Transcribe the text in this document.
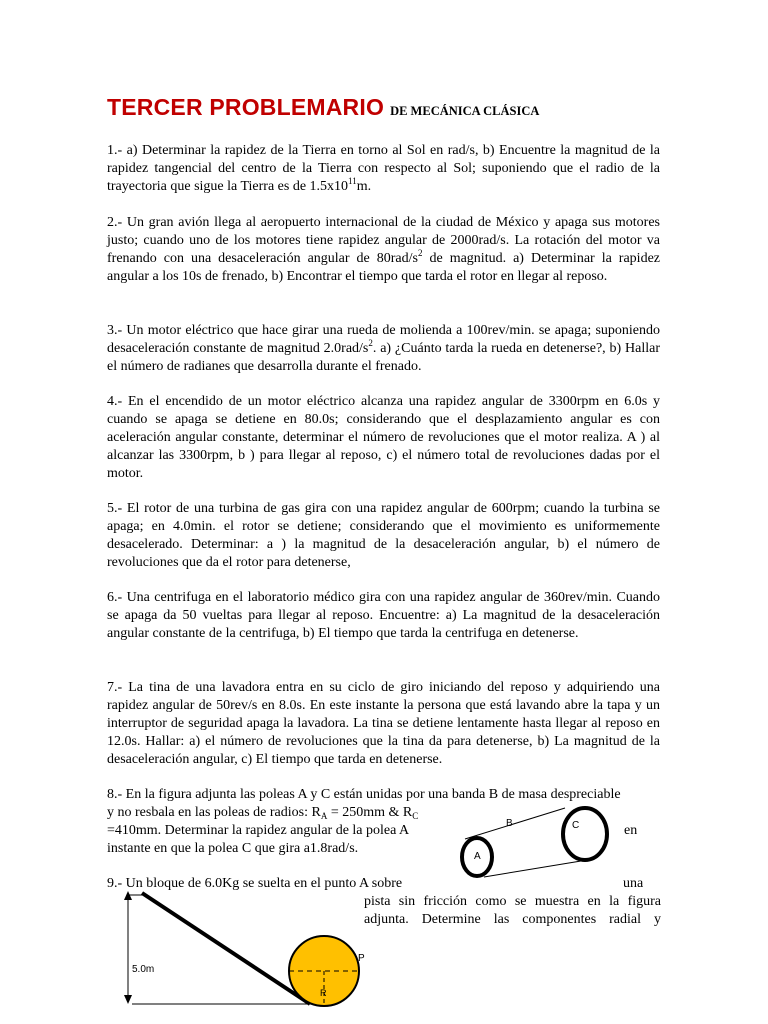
TERCER PROBLEMARIO DE MECÁNICA CLÁSICA

1.- a) Determinar la rapidez de la Tierra en torno al Sol en rad/s, b) Encuentre la magnitud de la rapidez tangencial del centro de la Tierra con respecto al Sol; suponiendo que el radio de la trayectoria que sigue la Tierra es de $1.5x10^{11}m$.

2.- Un gran avión llega al aeropuerto internacional de la ciudad de México y apaga sus motores justo; cuando uno de los motores tiene rapidez angular de 2000rad/s. La rotación del motor va frenando con una desaceleración angular de $80rad/s^2$ de magnitud. a) Determinar la rapidez angular a los 10s de frenado, b) Encontrar el tiempo que tarda el rotor en llegar al reposo.

3.- Un motor eléctrico que hace girar una rueda de molienda a 100rev/min. se apaga; suponiendo desaceleración constante de magnitud $2.0rad/s^2$. a) ¿Cuánto tarda la rueda en detenerse?, b) Hallar el número de radianes que desarrolla durante el frenado.

4.- En el encendido de un motor eléctrico alcanza una rapidez angular de 3300rpm en 6.0s y cuando se apaga se detiene en 80.0s; considerando que el desplazamiento angular es con aceleración angular constante, determinar el número de revoluciones que el motor realiza. A ) al alcanzar las 3300rpm, b ) para llegar al reposo, c) el número total de revoluciones dadas por el motor.

5.- El rotor de una turbina de gas gira con una rapidez angular de 600rpm; cuando la turbina se apaga; en 4.0min. el rotor se detiene; considerando que el movimiento es uniformemente desacelerado. Determinar: a ) la magnitud de la desaceleración angular, b) el número de revoluciones que da el rotor para detenerse,

6.- Una centrifuga en el laboratorio médico gira con una rapidez angular de 360rev/min. Cuando se apaga da 50 vueltas para llegar al reposo. Encuentre: a) La magnitud de la desaceleración angular constante de la centrifuga, b) El tiempo que tarda la centrifuga en detenerse.

7.- La tina de una lavadora entra en su ciclo de giro iniciando del reposo y adquiriendo una rapidez angular de 50rev/s en 8.0s. En este instante la persona que está lavando abre la tapa y un interruptor de seguridad apaga la lavadora. La tina se detiene lentamente hasta llegar al reposo en 12.0s. Hallar: a) el número de revoluciones que la tina da para detenerse, b) La magnitud de la desaceleración angular, c) El tiempo que tarda en detenerse.

8.- En la figura adjunta las poleas A y C están unidas por una banda B de masa despreciable

y no resbala en las poleas de radios: $R_A = 250mm$ & $R_C$

=410mm. Determinar la rapidez angular de la polea A	en

instante en que la polea C que gira a1.8rad/s.

A
C
B

9.- Un bloque de 6.0Kg se suelta en el punto A sobre	una

pista sin fricción como se muestra en la figura

adjunta. Determine las componentes radial y

5.0m
P
R
